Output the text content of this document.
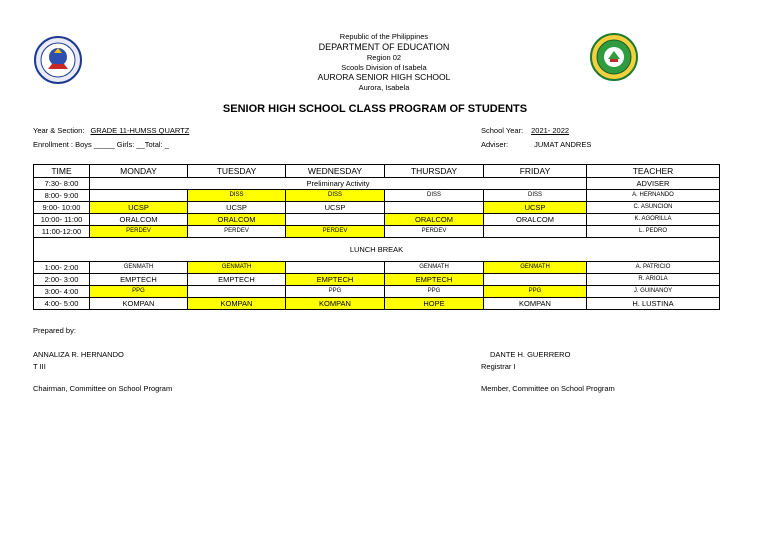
Republic of the Philippines
DEPARTMENT OF EDUCATION
Region 02
Scools Division of Isabela
AURORA SENIOR HIGH SCHOOL
Aurora, Isabela
SENIOR HIGH SCHOOL CLASS PROGRAM OF STUDENTS
Year & Section: GRADE 11-HUMSS QUARTZ
Enrollment : Boys _____ Girls: __Total: _
School Year: 2021- 2022
Adviser:	JUMAT ANDRES
TIME	MONDAY	TUESDAY	WEDNESDAY	THURSDAY	FRIDAY	TEACHER
7:30- 8:00	Preliminary Activity					ADVISER
8:00- 9:00		DISS	DISS	DISS	DISS	A. HERNANDO
9:00- 10:00	UCSP	UCSP	UCSP		UCSP	C. ASUNCION
10:00- 11:00	ORALCOM	ORALCOM		ORALCOM	ORALCOM	K. AGORILLA
11:00-12:00	PERDEV	PERDEV	PERDEV	PERDEV		L. PEDRO
LUNCH BREAK						
1:00- 2:00	GENMATH	GENMATH		GENMATH	GENMATH	A. PATRICIO
2:00- 3:00	EMPTECH	EMPTECH	EMPTECH	EMPTECH		R. ARIOLA
3:00- 4:00	PPG		PPG	PPG	PPG	J. GUINANOY
4:00- 5:00	KOMPAN	KOMPAN	KOMPAN	HOPE	KOMPAN	H. LUSTINA
Prepared by:
ANNALIZA R. HERNANDO
T III
Chairman, Committee on School Program
DANTE H. GUERRERO
Registrar I
Member, Committee on School Program
